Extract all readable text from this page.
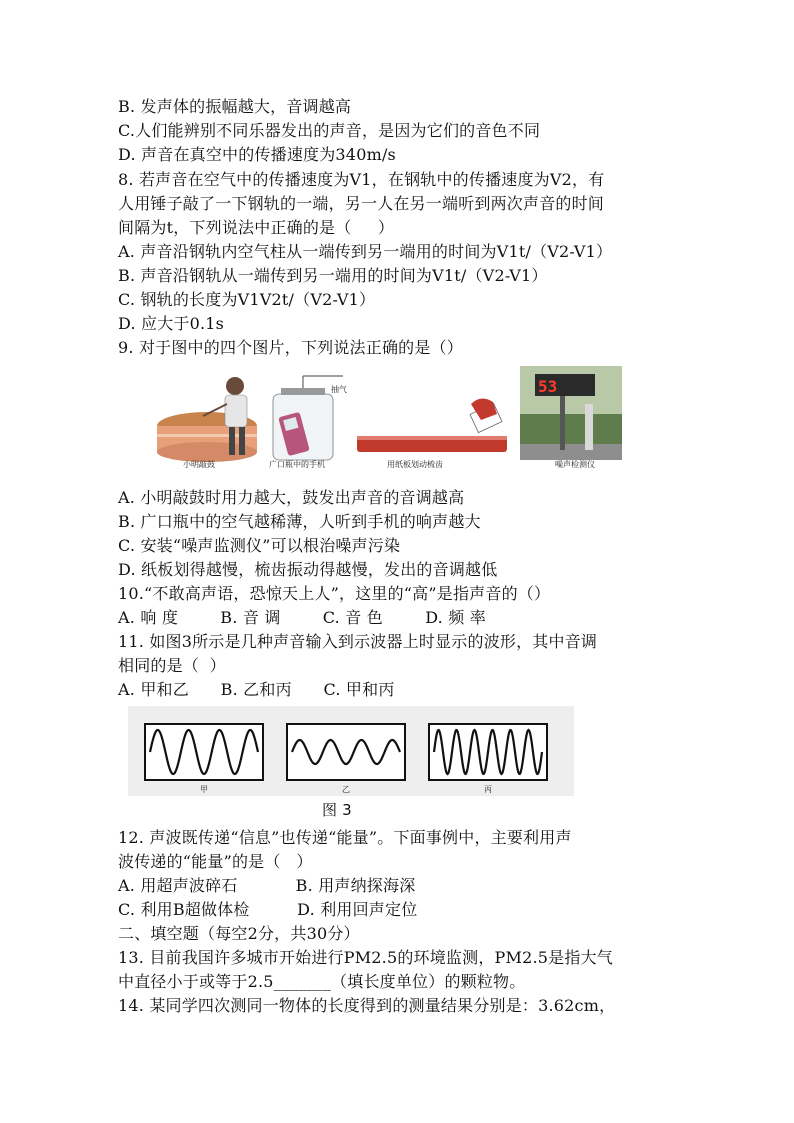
B. 发声体的振幅越大，音调越高
C.人们能辨别不同乐器发出的声音，是因为它们的音色不同
D. 声音在真空中的传播速度为340m/s
8. 若声音在空气中的传播速度为V1，在钢轨中的传播速度为V2，有
人用锤子敲了一下钢轨的一端，另一人在另一端听到两次声音的时间
间隔为t，下列说法中正确的是（     ）
A. 声音沿钢轨内空气柱从一端传到另一端用的时间为V1t/（V2-V1）
B. 声音沿钢轨从一端传到另一端用的时间为V1t/（V2-V1）
C. 钢轨的长度为V1V2t/（V2-V1）
D. 应大于0.1s
9. 对于图中的四个图片，下列说法正确的是（）
小明敲鼓
抽气
广口瓶中的手机	用纸板划动梳齿
53
噪声检测仪
A. 小明敲鼓时用力越大，鼓发出声音的音调越高
B. 广口瓶中的空气越稀薄，人听到手机的响声越大
C. 安装“噪声监测仪”可以根治噪声污染
D. 纸板划得越慢，梳齿振动得越慢，发出的音调越低
10.“不敢高声语，恐惊天上人”，这里的“高”是指声音的（）
A. 响 度        B. 音 调        C. 音 色        D. 频 率
11. 如图3所示是几种声音输入到示波器上时显示的波形，其中音调
相同的是（  ）
A. 甲和乙      B. 乙和丙      C. 甲和丙
甲	乙	丙
图 3
12. 声波既传递“信息”也传递“能量”。下面事例中，主要利用声
波传递的“能量”的是（   ）
A. 用超声波碎石           B. 用声纳探海深
C. 利用B超做体检         D. 利用回声定位
二、填空题（每空2分，共30分）
13. 目前我国许多城市开始进行PM2.5的环境监测，PM2.5是指大气
中直径小于或等于2.5_______（填长度单位）的颗粒物。
14. 某同学四次测同一物体的长度得到的测量结果分别是：3.62cm，
